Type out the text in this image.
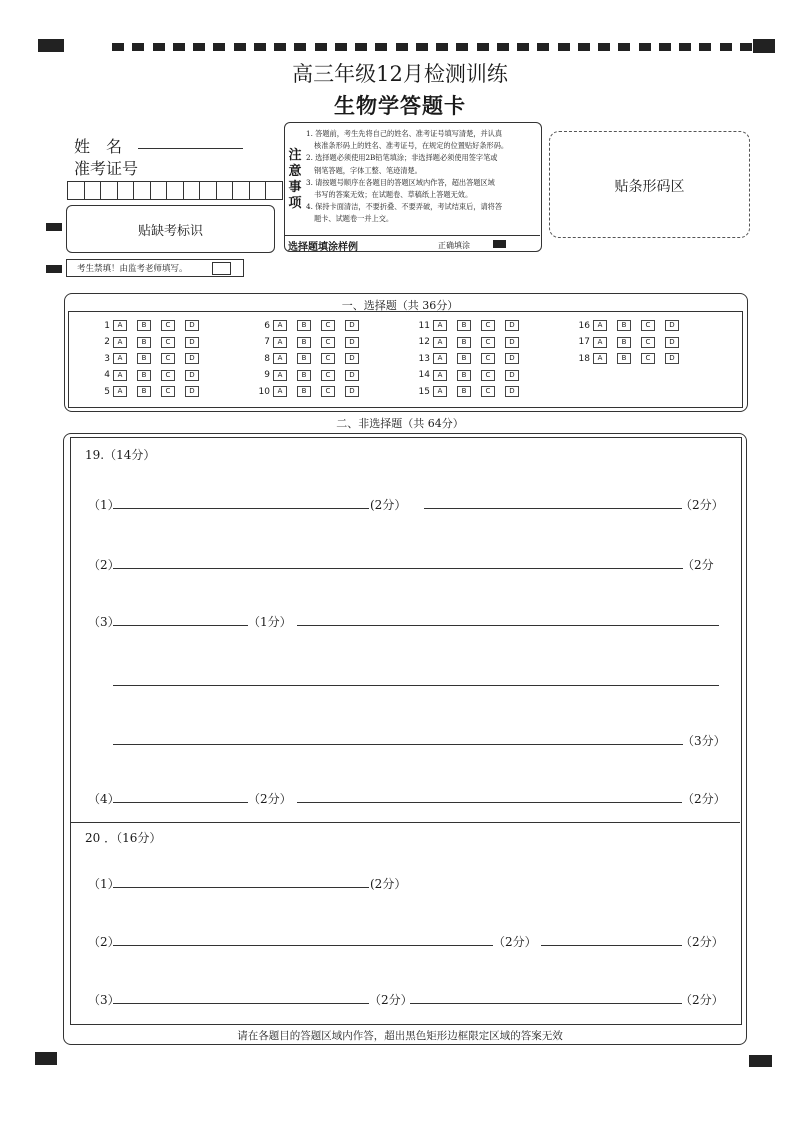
高三年级12月检测训练
生物学答题卡
姓　名
准考证号
贴缺考标识
考生禁填！由监考老师填写。
注意事项
1. 答题前，考生先将自己的姓名、准考证号填写清楚，并认真
核准条形码上的姓名、准考证号，在规定的位置贴好条形码。
2. 选择题必须使用2B铅笔填涂；非选择题必须使用签字笔或
钢笔答题，字体工整、笔迹清楚。
3. 请按题号顺序在各题目的答题区域内作答，超出答题区域
书写的答案无效；在试题卷、草稿纸上答题无效。
4. 保持卡面清洁，不要折叠、不要弄破，考试结束后，请将答
题卡、试题卷一并上交。
选择题填涂样例	正确填涂
贴条形码区
一、选择题（共 36分）
1	A	B	C	D
2	A	B	C	D
3	A	B	C	D
4	A	B	C	D
5	A	B	C	D
6	A	B	C	D
7	A	B	C	D
8	A	B	C	D
9	A	B	C	D
10	A	B	C	D
11	A	B	C	D
12	A	B	C	D
13	A	B	C	D
14	A	B	C	D
15	A	B	C	D
16	A	B	C	D
17	A	B	C	D
18	A	B	C	D
二、非选择题（共 64分）
19.（14分）
（1）	(2分）	（2分）
（2）	（2分
（3）	（1分）
（3分）
（4）	（2分）	（2分）
20 ．（16分）
（1）	(2分）
（2）	（2分）	（2分）
（3）	（2分）	（2分）
请在各题目的答题区域内作答，超出黑色矩形边框限定区域的答案无效
